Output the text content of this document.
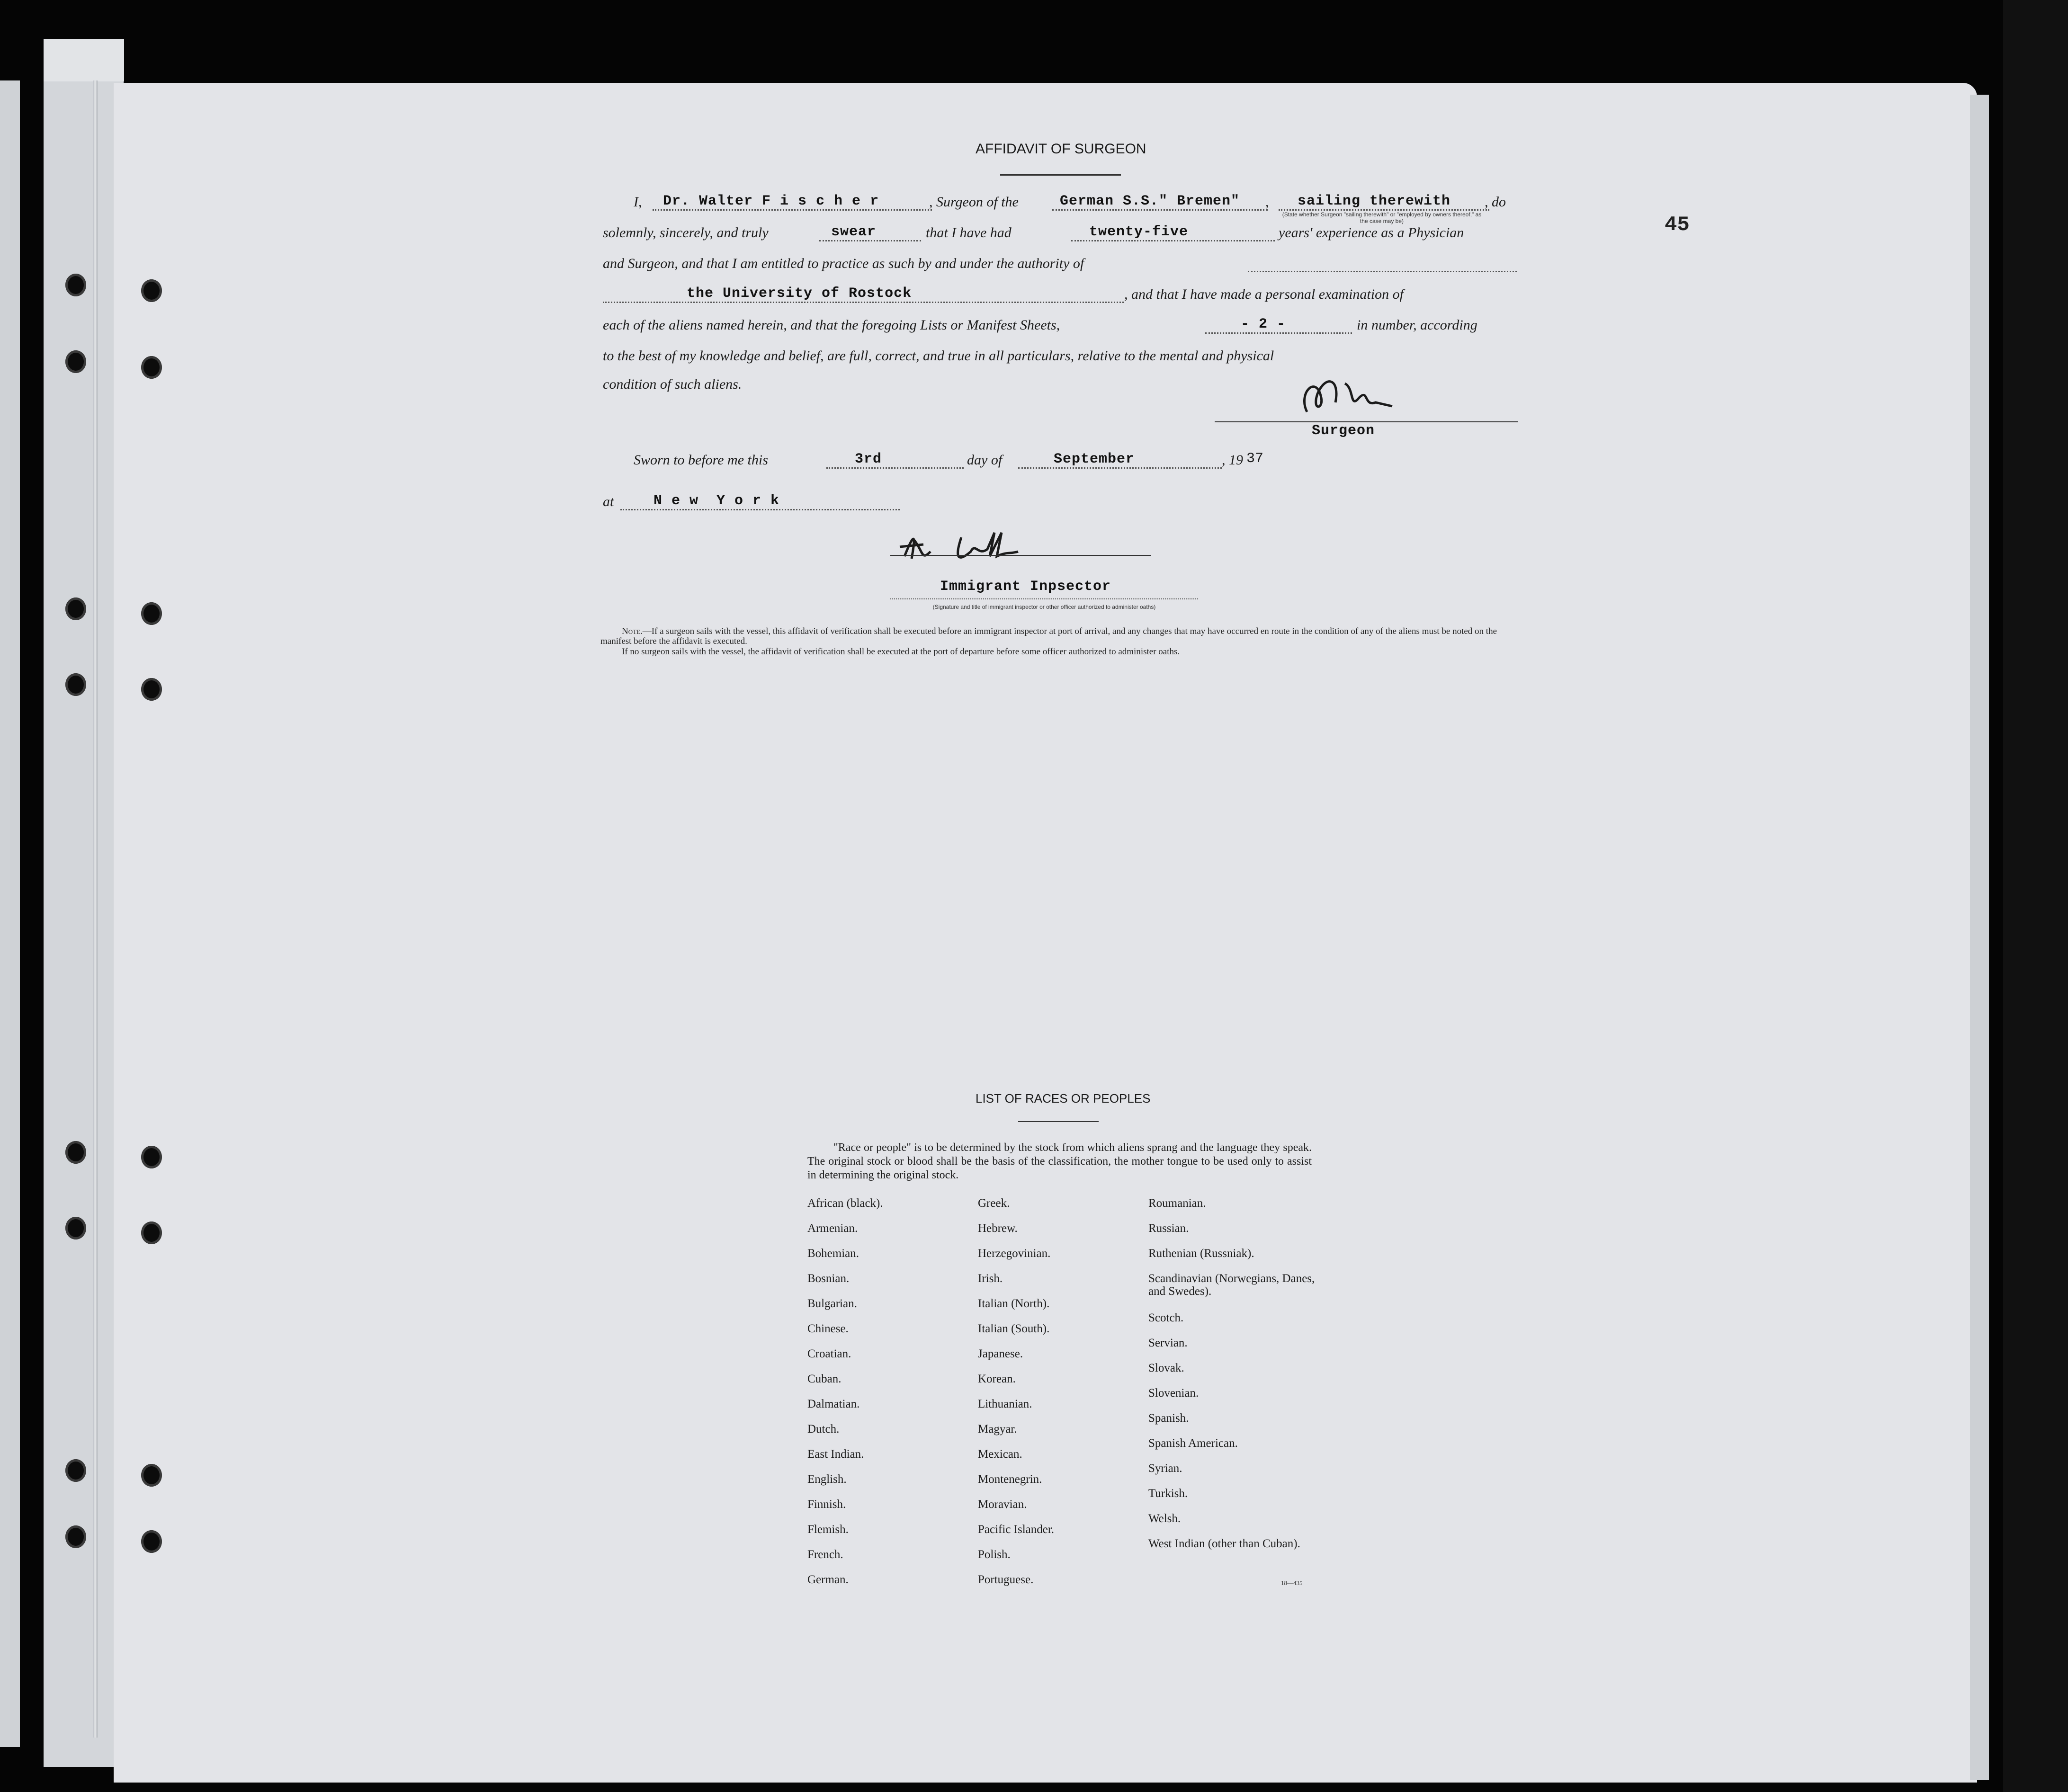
45
AFFIDAVIT OF SURGEON
I, Dr. Walter F i s c h e r	, Surgeon of the	German S.S." Bremen" , sailing therewith , do
(State whether Surgeon "sailing therewith" or "employed by owners thereof," as the case may be)
solemnly, sincerely, and truly	swear	that I have had	twenty-five	years' experience as a Physician
and Surgeon, and that I am entitled to practice as such by and under the authority of
the University of Rostock	, and that I have made a personal examination of
each of the aliens named herein, and that the foregoing Lists or Manifest Sheets,	- 2 -	in number, according
to the best of my knowledge and belief, are full, correct, and true in all particulars, relative to the mental and physical
condition of such aliens.
Surgeon
Sworn to before me this	3rd	day of	September	, 19 37
at	N e w  Y o r k
Immigrant Inpsector
(Signature and title of immigrant inspector or other officer authorized to administer oaths)
Note.—If a surgeon sails with the vessel, this affidavit of verification shall be executed before an immigrant inspector at port of arrival, and any changes that may have occurred en route in the condition of any of the aliens must be noted on the manifest before the affidavit is executed.
If no surgeon sails with the vessel, the affidavit of verification shall be executed at the port of departure before some officer authorized to administer oaths.
LIST OF RACES OR PEOPLES
"Race or people" is to be determined by the stock from which aliens sprang and the language they speak. The original stock or blood shall be the basis of the classification, the mother tongue to be used only to assist in determining the original stock.
African (black).
Armenian.
Bohemian.
Bosnian.
Bulgarian.
Chinese.
Croatian.
Cuban.
Dalmatian.
Dutch.
East Indian.
English.
Finnish.
Flemish.
French.
German.
Greek.
Hebrew.
Herzegovinian.
Irish.
Italian (North).
Italian (South).
Japanese.
Korean.
Lithuanian.
Magyar.
Mexican.
Montenegrin.
Moravian.
Pacific Islander.
Polish.
Portuguese.
Roumanian.
Russian.
Ruthenian (Russniak).
Scandinavian (Norwegians, Danes, and Swedes).
Scotch.
Servian.
Slovak.
Slovenian.
Spanish.
Spanish American.
Syrian.
Turkish.
Welsh.
West Indian (other than Cuban).
18—435
